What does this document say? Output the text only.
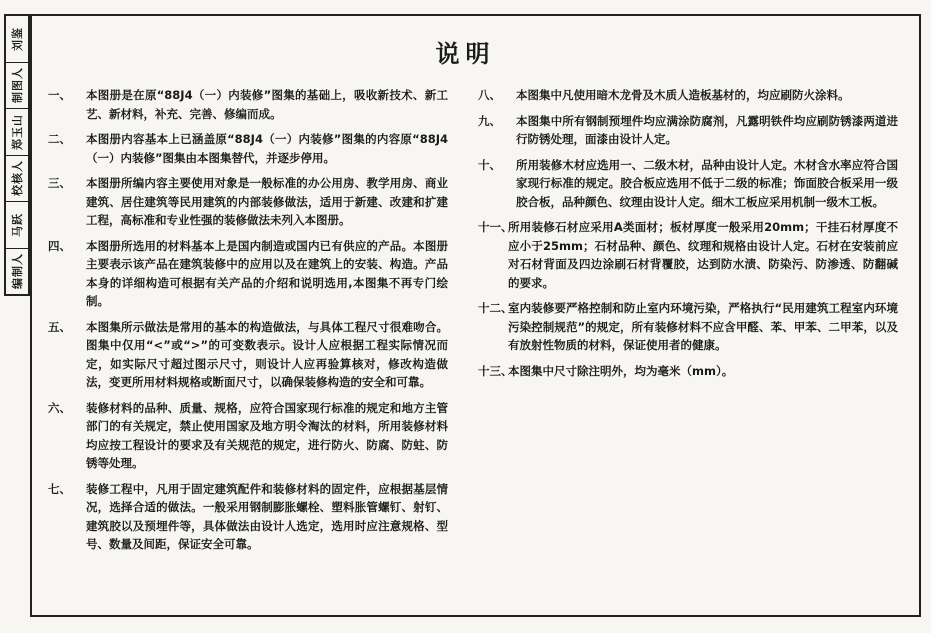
刘鉴
制图人
郑玉山
校核人
马跃
编制人
说明
一、	本图册是在原“88J4（一）内装修”图集的基础上，吸收新技术、新工艺、新材料，补充、完善、修编而成。
二、	本图册内容基本上已涵盖原“88J4（一）内装修”图集的内容原“88J4（一）内装修”图集由本图集替代，并逐步停用。
三、	本图册所编内容主要使用对象是一般标准的办公用房、教学用房、商业建筑、居住建筑等民用建筑的内部装修做法，适用于新建、改建和扩建工程，高标准和专业性强的装修做法未列入本图册。
四、	本图册所选用的材料基本上是国内制造或国内已有供应的产品。本图册主要表示该产品在建筑装修中的应用以及在建筑上的安装、构造。产品本身的详细构造可根据有关产品的介绍和说明选用,本图集不再专门绘制。
五、	本图集所示做法是常用的基本的构造做法，与具体工程尺寸很难吻合。图集中仅用“<”或“>”的可变数表示。设计人应根据工程实际情况而定，如实际尺寸超过图示尺寸，则设计人应再验算核对，修改构造做法，变更所用材料规格或断面尺寸，以确保装修构造的安全和可靠。
六、	装修材料的品种、质量、规格，应符合国家现行标准的规定和地方主管部门的有关规定，禁止使用国家及地方明令淘汰的材料，所用装修材料均应按工程设计的要求及有关规范的规定，进行防火、防腐、防蛀、防锈等处理。
七、	装修工程中，凡用于固定建筑配件和装修材料的固定件，应根据基层情况，选择合适的做法。一般采用钢制膨胀螺栓、塑料胀管螺钉、射钉、建筑胶以及预埋件等，具体做法由设计人选定，选用时应注意规格、型号、数量及间距，保证安全可靠。
八、	本图集中凡使用暗木龙骨及木质人造板基材的，均应刷防火涂料。
九、	本图集中所有钢制预埋件均应满涂防腐剂，凡露明铁件均应刷防锈漆两道进行防锈处理，面漆由设计人定。
十、	所用装修木材应选用一、二级木材，品种由设计人定。木材含水率应符合国家现行标准的规定。胶合板应选用不低于二级的标准；饰面胶合板采用一级胶合板，品种颜色、纹理由设计人定。细木工板应采用机制一级木工板。
十一、
所用装修石材应采用A类面材；板材厚度一般采用20mm；干挂石材厚度不应小于25mm；石材品种、颜色、纹理和规格由设计人定。石材在安装前应对石材背面及四边涂刷石材背覆胶，达到防水渍、防染污、防渗透、防翻碱的要求。
十二、
室内装修要严格控制和防止室内环境污染，严格执行“民用建筑工程室内环境污染控制规范”的规定，所有装修材料不应含甲醛、苯、甲苯、二甲苯，以及有放射性物质的材料，保证使用者的健康。
十三、
本图集中尺寸除注明外，均为毫米（mm）。
